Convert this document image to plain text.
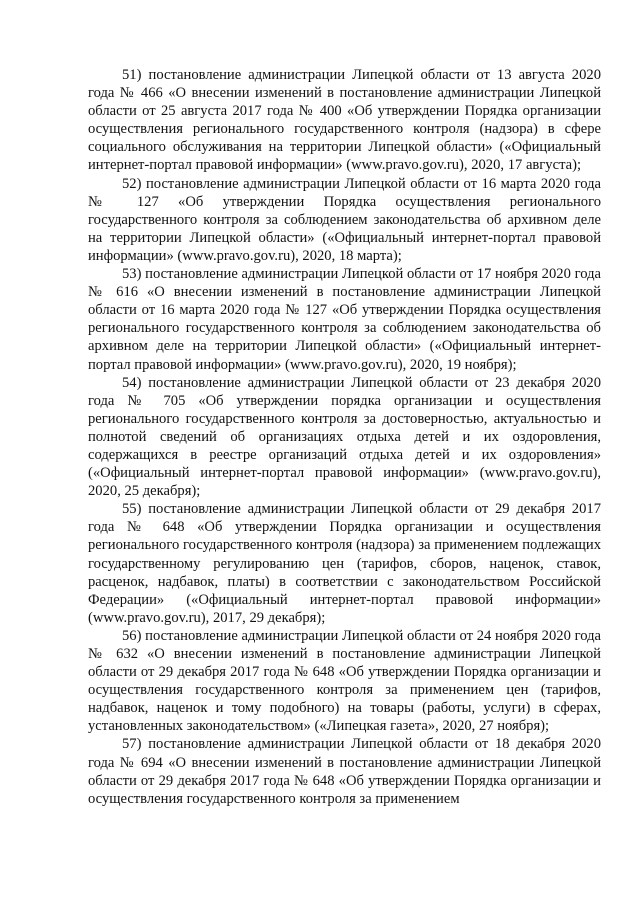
51) постановление администрации Липецкой области от 13 августа 2020 года № 466 «О внесении изменений в постановление администрации Липецкой области от 25 августа 2017 года № 400 «Об утверждении Порядка организации осуществления регионального государственного контроля (надзора) в сфере социального обслуживания на территории Липецкой области» («Официальный интернет-портал правовой информации» (www.pravo.gov.ru), 2020, 17 августа);

52) постановление администрации Липецкой области от 16 марта 2020 года № 127 «Об утверждении Порядка осуществления регионального государственного контроля за соблюдением законодательства об архивном деле на территории Липецкой области» («Официальный интернет-портал правовой информации» (www.pravo.gov.ru), 2020, 18 марта);

53) постановление администрации Липецкой области от 17 ноября 2020 года № 616 «О внесении изменений в постановление администрации Липецкой области от 16 марта 2020 года № 127 «Об утверждении Порядка осуществления регионального государственного контроля за соблюдением законодательства об архивном деле на территории Липецкой области» («Официальный интернет-портал правовой информации» (www.pravo.gov.ru), 2020, 19 ноября);

54) постановление администрации Липецкой области от 23 декабря 2020 года № 705 «Об утверждении порядка организации и осуществления регионального государственного контроля за достоверностью, актуальностью и полнотой сведений об организациях отдыха детей и их оздоровления, содержащихся в реестре организаций отдыха детей и их оздоровления» («Официальный интернет-портал правовой информации» (www.pravo.gov.ru), 2020, 25 декабря);

55) постановление администрации Липецкой области от 29 декабря 2017 года № 648 «Об утверждении Порядка организации и осуществления регионального государственного контроля (надзора) за применением подлежащих государственному регулированию цен (тарифов, сборов, наценок, ставок, расценок, надбавок, платы) в соответствии с законодательством Российской Федерации» («Официальный интернет-портал правовой информации» (www.pravo.gov.ru), 2017, 29 декабря);

56) постановление администрации Липецкой области от 24 ноября 2020 года № 632 «О внесении изменений в постановление администрации Липецкой области от 29 декабря 2017 года № 648 «Об утверждении Порядка организации и осуществления государственного контроля за применением цен (тарифов, надбавок, наценок и тому подобного) на товары (работы, услуги) в сферах, установленных законодательством» («Липецкая газета», 2020, 27 ноября);

57) постановление администрации Липецкой области от 18 декабря 2020 года № 694 «О внесении изменений в постановление администрации Липецкой области от 29 декабря 2017 года № 648 «Об утверждении Порядка организации и осуществления государственного контроля за применением
